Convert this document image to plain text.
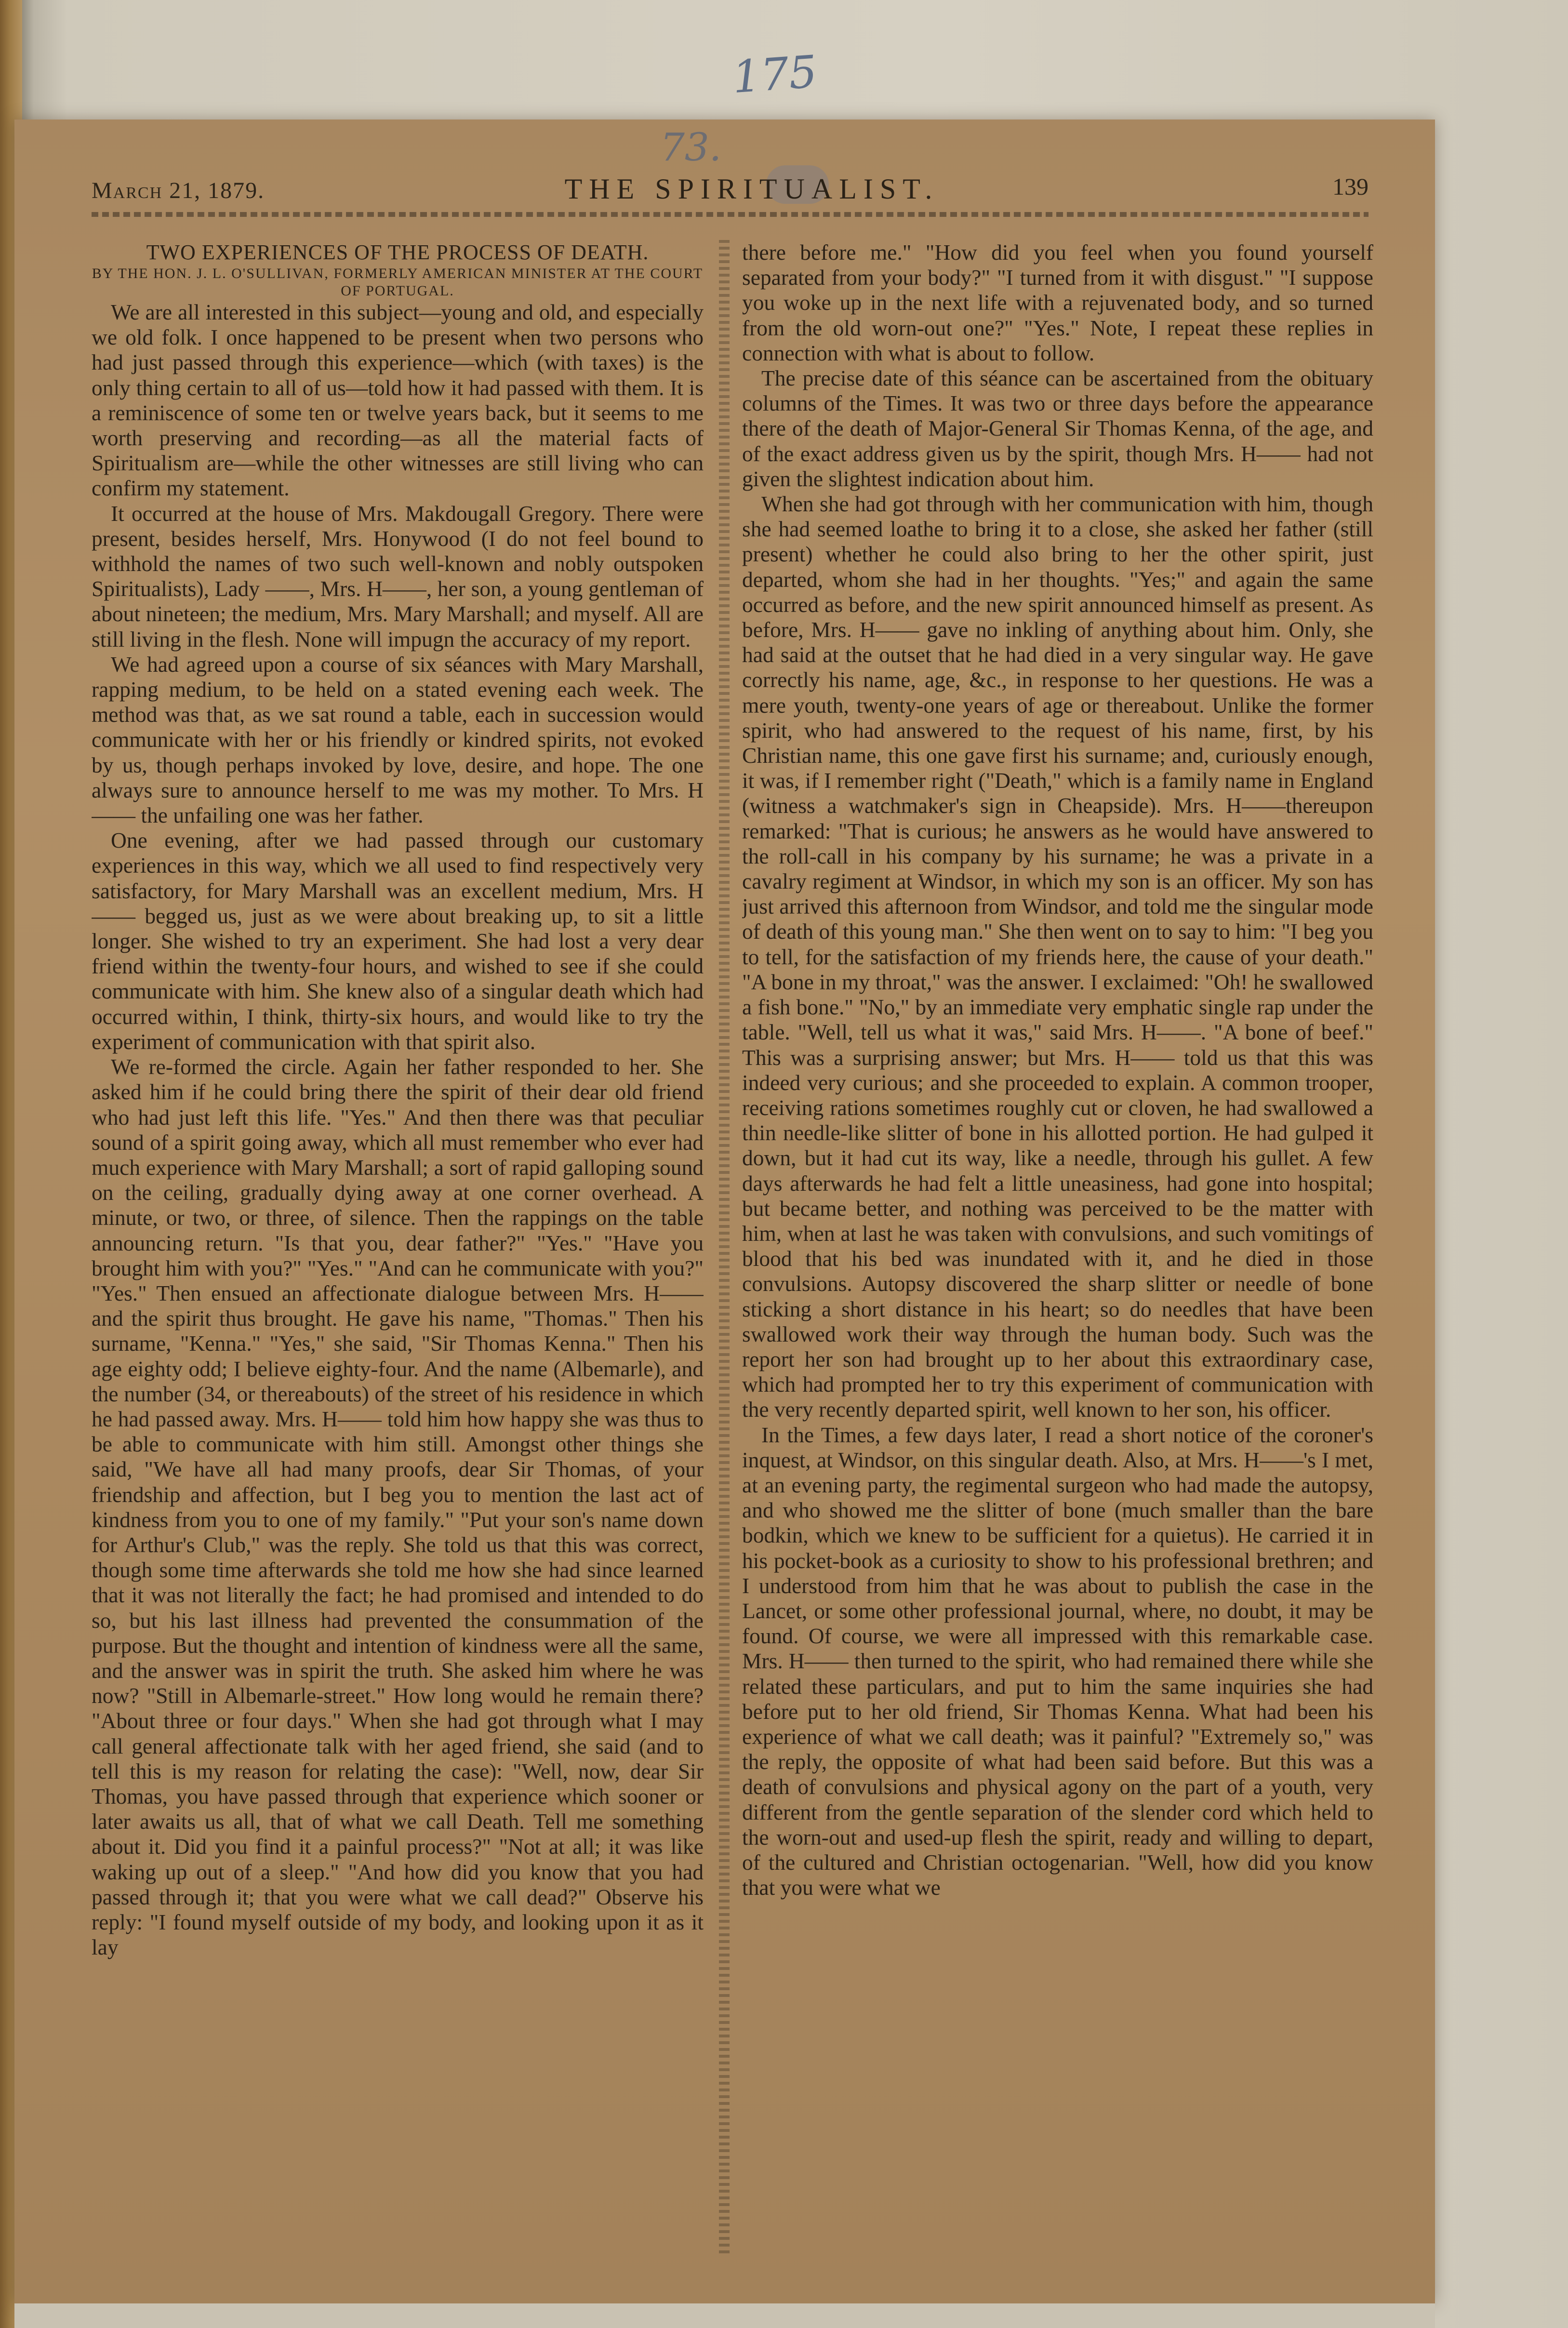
175
73.
March 21, 1879.	THE SPIRITUALIST.	139

TWO EXPERIENCES OF THE PROCESS OF DEATH.

BY THE HON. J. L. O'SULLIVAN, FORMERLY AMERICAN MINISTER AT THE COURT OF PORTUGAL.

We are all interested in this subject—young and old, and especially we old folk. I once happened to be present when two persons who had just passed through this experience—which (with taxes) is the only thing certain to all of us—told how it had passed with them. It is a reminiscence of some ten or twelve years back, but it seems to me worth preserving and recording—as all the material facts of Spiritualism are—while the other witnesses are still living who can confirm my statement.

It occurred at the house of Mrs. Makdougall Gregory. There were present, besides herself, Mrs. Honywood (I do not feel bound to withhold the names of two such well-known and nobly outspoken Spiritualists), Lady ——, Mrs. H——, her son, a young gentleman of about nineteen; the medium, Mrs. Mary Marshall; and myself. All are still living in the flesh. None will impugn the accuracy of my report.

We had agreed upon a course of six séances with Mary Marshall, rapping medium, to be held on a stated evening each week. The method was that, as we sat round a table, each in succession would communicate with her or his friendly or kindred spirits, not evoked by us, though perhaps invoked by love, desire, and hope. The one always sure to announce herself to me was my mother. To Mrs. H—— the unfailing one was her father.

One evening, after we had passed through our customary experiences in this way, which we all used to find respectively very satisfactory, for Mary Marshall was an excellent medium, Mrs. H—— begged us, just as we were about breaking up, to sit a little longer. She wished to try an experiment. She had lost a very dear friend within the twenty-four hours, and wished to see if she could communicate with him. She knew also of a singular death which had occurred within, I think, thirty-six hours, and would like to try the experiment of communication with that spirit also.

We re-formed the circle. Again her father responded to her. She asked him if he could bring there the spirit of their dear old friend who had just left this life. "Yes." And then there was that peculiar sound of a spirit going away, which all must remember who ever had much experience with Mary Marshall; a sort of rapid galloping sound on the ceiling, gradually dying away at one corner overhead. A minute, or two, or three, of silence. Then the rappings on the table announcing return. "Is that you, dear father?" "Yes." "Have you brought him with you?" "Yes." "And can he communicate with you?" "Yes." Then ensued an affectionate dialogue between Mrs. H—— and the spirit thus brought. He gave his name, "Thomas." Then his surname, "Kenna." "Yes," she said, "Sir Thomas Kenna." Then his age eighty odd; I believe eighty-four. And the name (Albemarle), and the number (34, or thereabouts) of the street of his residence in which he had passed away. Mrs. H—— told him how happy she was thus to be able to communicate with him still. Amongst other things she said, "We have all had many proofs, dear Sir Thomas, of your friendship and affection, but I beg you to mention the last act of kindness from you to one of my family." "Put your son's name down for Arthur's Club," was the reply. She told us that this was correct, though some time afterwards she told me how she had since learned that it was not literally the fact; he had promised and intended to do so, but his last illness had prevented the consummation of the purpose. But the thought and intention of kindness were all the same, and the answer was in spirit the truth. She asked him where he was now? "Still in Albemarle-street." How long would he remain there? "About three or four days." When she had got through what I may call general affectionate talk with her aged friend, she said (and to tell this is my reason for relating the case): "Well, now, dear Sir Thomas, you have passed through that experience which sooner or later awaits us all, that of what we call Death. Tell me something about it. Did you find it a painful process?" "Not at all; it was like waking up out of a sleep." "And how did you know that you had passed through it; that you were what we call dead?" Observe his reply: "I found myself outside of my body, and looking upon it as it lay

there before me." "How did you feel when you found yourself separated from your body?" "I turned from it with disgust." "I suppose you woke up in the next life with a rejuvenated body, and so turned from the old worn-out one?" "Yes." Note, I repeat these replies in connection with what is about to follow.

The precise date of this séance can be ascertained from the obituary columns of the Times. It was two or three days before the appearance there of the death of Major-General Sir Thomas Kenna, of the age, and of the exact address given us by the spirit, though Mrs. H—— had not given the slightest indication about him.

When she had got through with her communication with him, though she had seemed loathe to bring it to a close, she asked her father (still present) whether he could also bring to her the other spirit, just departed, whom she had in her thoughts. "Yes;" and again the same occurred as before, and the new spirit announced himself as present. As before, Mrs. H—— gave no inkling of anything about him. Only, she had said at the outset that he had died in a very singular way. He gave correctly his name, age, &c., in response to her questions. He was a mere youth, twenty-one years of age or thereabout. Unlike the former spirit, who had answered to the request of his name, first, by his Christian name, this one gave first his surname; and, curiously enough, it was, if I remember right ("Death," which is a family name in England (witness a watchmaker's sign in Cheapside). Mrs. H——thereupon remarked: "That is curious; he answers as he would have answered to the roll-call in his company by his surname; he was a private in a cavalry regiment at Windsor, in which my son is an officer. My son has just arrived this afternoon from Windsor, and told me the singular mode of death of this young man." She then went on to say to him: "I beg you to tell, for the satisfaction of my friends here, the cause of your death." "A bone in my throat," was the answer. I exclaimed: "Oh! he swallowed a fish bone." "No," by an immediate very emphatic single rap under the table. "Well, tell us what it was," said Mrs. H——. "A bone of beef." This was a surprising answer; but Mrs. H—— told us that this was indeed very curious; and she proceeded to explain. A common trooper, receiving rations sometimes roughly cut or cloven, he had swallowed a thin needle-like slitter of bone in his allotted portion. He had gulped it down, but it had cut its way, like a needle, through his gullet. A few days afterwards he had felt a little uneasiness, had gone into hospital; but became better, and nothing was perceived to be the matter with him, when at last he was taken with convulsions, and such vomitings of blood that his bed was inundated with it, and he died in those convulsions. Autopsy discovered the sharp slitter or needle of bone sticking a short distance in his heart; so do needles that have been swallowed work their way through the human body. Such was the report her son had brought up to her about this extraordinary case, which had prompted her to try this experiment of communication with the very recently departed spirit, well known to her son, his officer.

In the Times, a few days later, I read a short notice of the coroner's inquest, at Windsor, on this singular death. Also, at Mrs. H——'s I met, at an evening party, the regimental surgeon who had made the autopsy, and who showed me the slitter of bone (much smaller than the bare bodkin, which we knew to be sufficient for a quietus). He carried it in his pocket-book as a curiosity to show to his professional brethren; and I understood from him that he was about to publish the case in the Lancet, or some other professional journal, where, no doubt, it may be found. Of course, we were all impressed with this remarkable case. Mrs. H—— then turned to the spirit, who had remained there while she related these particulars, and put to him the same inquiries she had before put to her old friend, Sir Thomas Kenna. What had been his experience of what we call death; was it painful? "Extremely so," was the reply, the opposite of what had been said before. But this was a death of convulsions and physical agony on the part of a youth, very different from the gentle separation of the slender cord which held to the worn-out and used-up flesh the spirit, ready and willing to depart, of the cultured and Christian octogenarian. "Well, how did you know that you were what we
